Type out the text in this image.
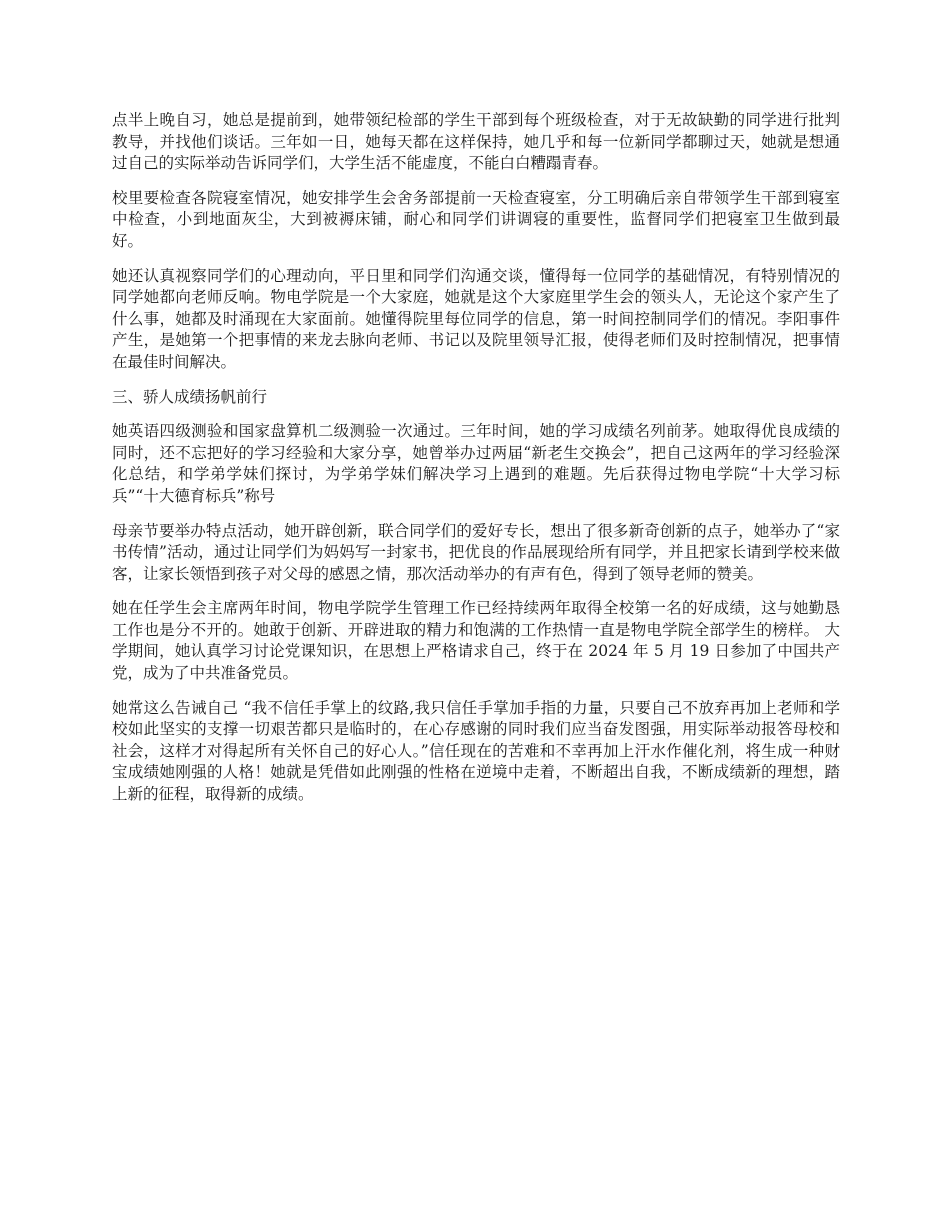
点半上晚自习，她总是提前到，她带领纪检部的学生干部到每个班级检查，对于无故缺勤的同学进行批判教导，并找他们谈话。三年如一日，她每天都在这样保持，她几乎和每一位新同学都聊过天，她就是想通过自己的实际举动告诉同学们，大学生活不能虚度，不能白白糟蹋青春。

校里要检查各院寝室情况，她安排学生会舍务部提前一天检查寝室，分工明确后亲自带领学生干部到寝室中检查，小到地面灰尘，大到被褥床铺，耐心和同学们讲调寝的重要性，监督同学们把寝室卫生做到最好。

她还认真视察同学们的心理动向，平日里和同学们沟通交谈，懂得每一位同学的基础情况，有特别情况的同学她都向老师反响。物电学院是一个大家庭，她就是这个大家庭里学生会的领头人，无论这个家产生了什么事，她都及时涌现在大家面前。她懂得院里每位同学的信息，第一时间控制同学们的情况。李阳事件产生，是她第一个把事情的来龙去脉向老师、书记以及院里领导汇报，使得老师们及时控制情况，把事情在最佳时间解决。

三、骄人成绩扬帆前行

她英语四级测验和国家盘算机二级测验一次通过。三年时间，她的学习成绩名列前茅。她取得优良成绩的同时，还不忘把好的学习经验和大家分享，她曾举办过两届“新老生交换会”，把自己这两年的学习经验深化总结，和学弟学妹们探讨，为学弟学妹们解决学习上遇到的难题。先后获得过物电学院“十大学习标兵”“十大德育标兵”称号

母亲节要举办特点活动，她开辟创新，联合同学们的爱好专长，想出了很多新奇创新的点子，她举办了“家书传情”活动，通过让同学们为妈妈写一封家书，把优良的作品展现给所有同学，并且把家长请到学校来做客，让家长领悟到孩子对父母的感恩之情，那次活动举办的有声有色，得到了领导老师的赞美。

她在任学生会主席两年时间，物电学院学生管理工作已经持续两年取得全校第一名的好成绩，这与她勤恳工作也是分不开的。她敢于创新、开辟进取的精力和饱满的工作热情一直是物电学院全部学生的榜样。 大学期间，她认真学习讨论党课知识，在思想上严格请求自己，终于在 2024 年 5 月 19 日参加了中国共产党，成为了中共准备党员。

她常这么告诫自己 “我不信任手掌上的纹路,我只信任手掌加手指的力量，只要自己不放弃再加上老师和学校如此坚实的支撑一切艰苦都只是临时的，在心存感谢的同时我们应当奋发图强，用实际举动报答母校和社会，这样才对得起所有关怀自己的好心人。”信任现在的苦难和不幸再加上汗水作催化剂，将生成一种财宝成绩她刚强的人格！她就是凭借如此刚强的性格在逆境中走着，不断超出自我，不断成绩新的理想，踏上新的征程，取得新的成绩。
